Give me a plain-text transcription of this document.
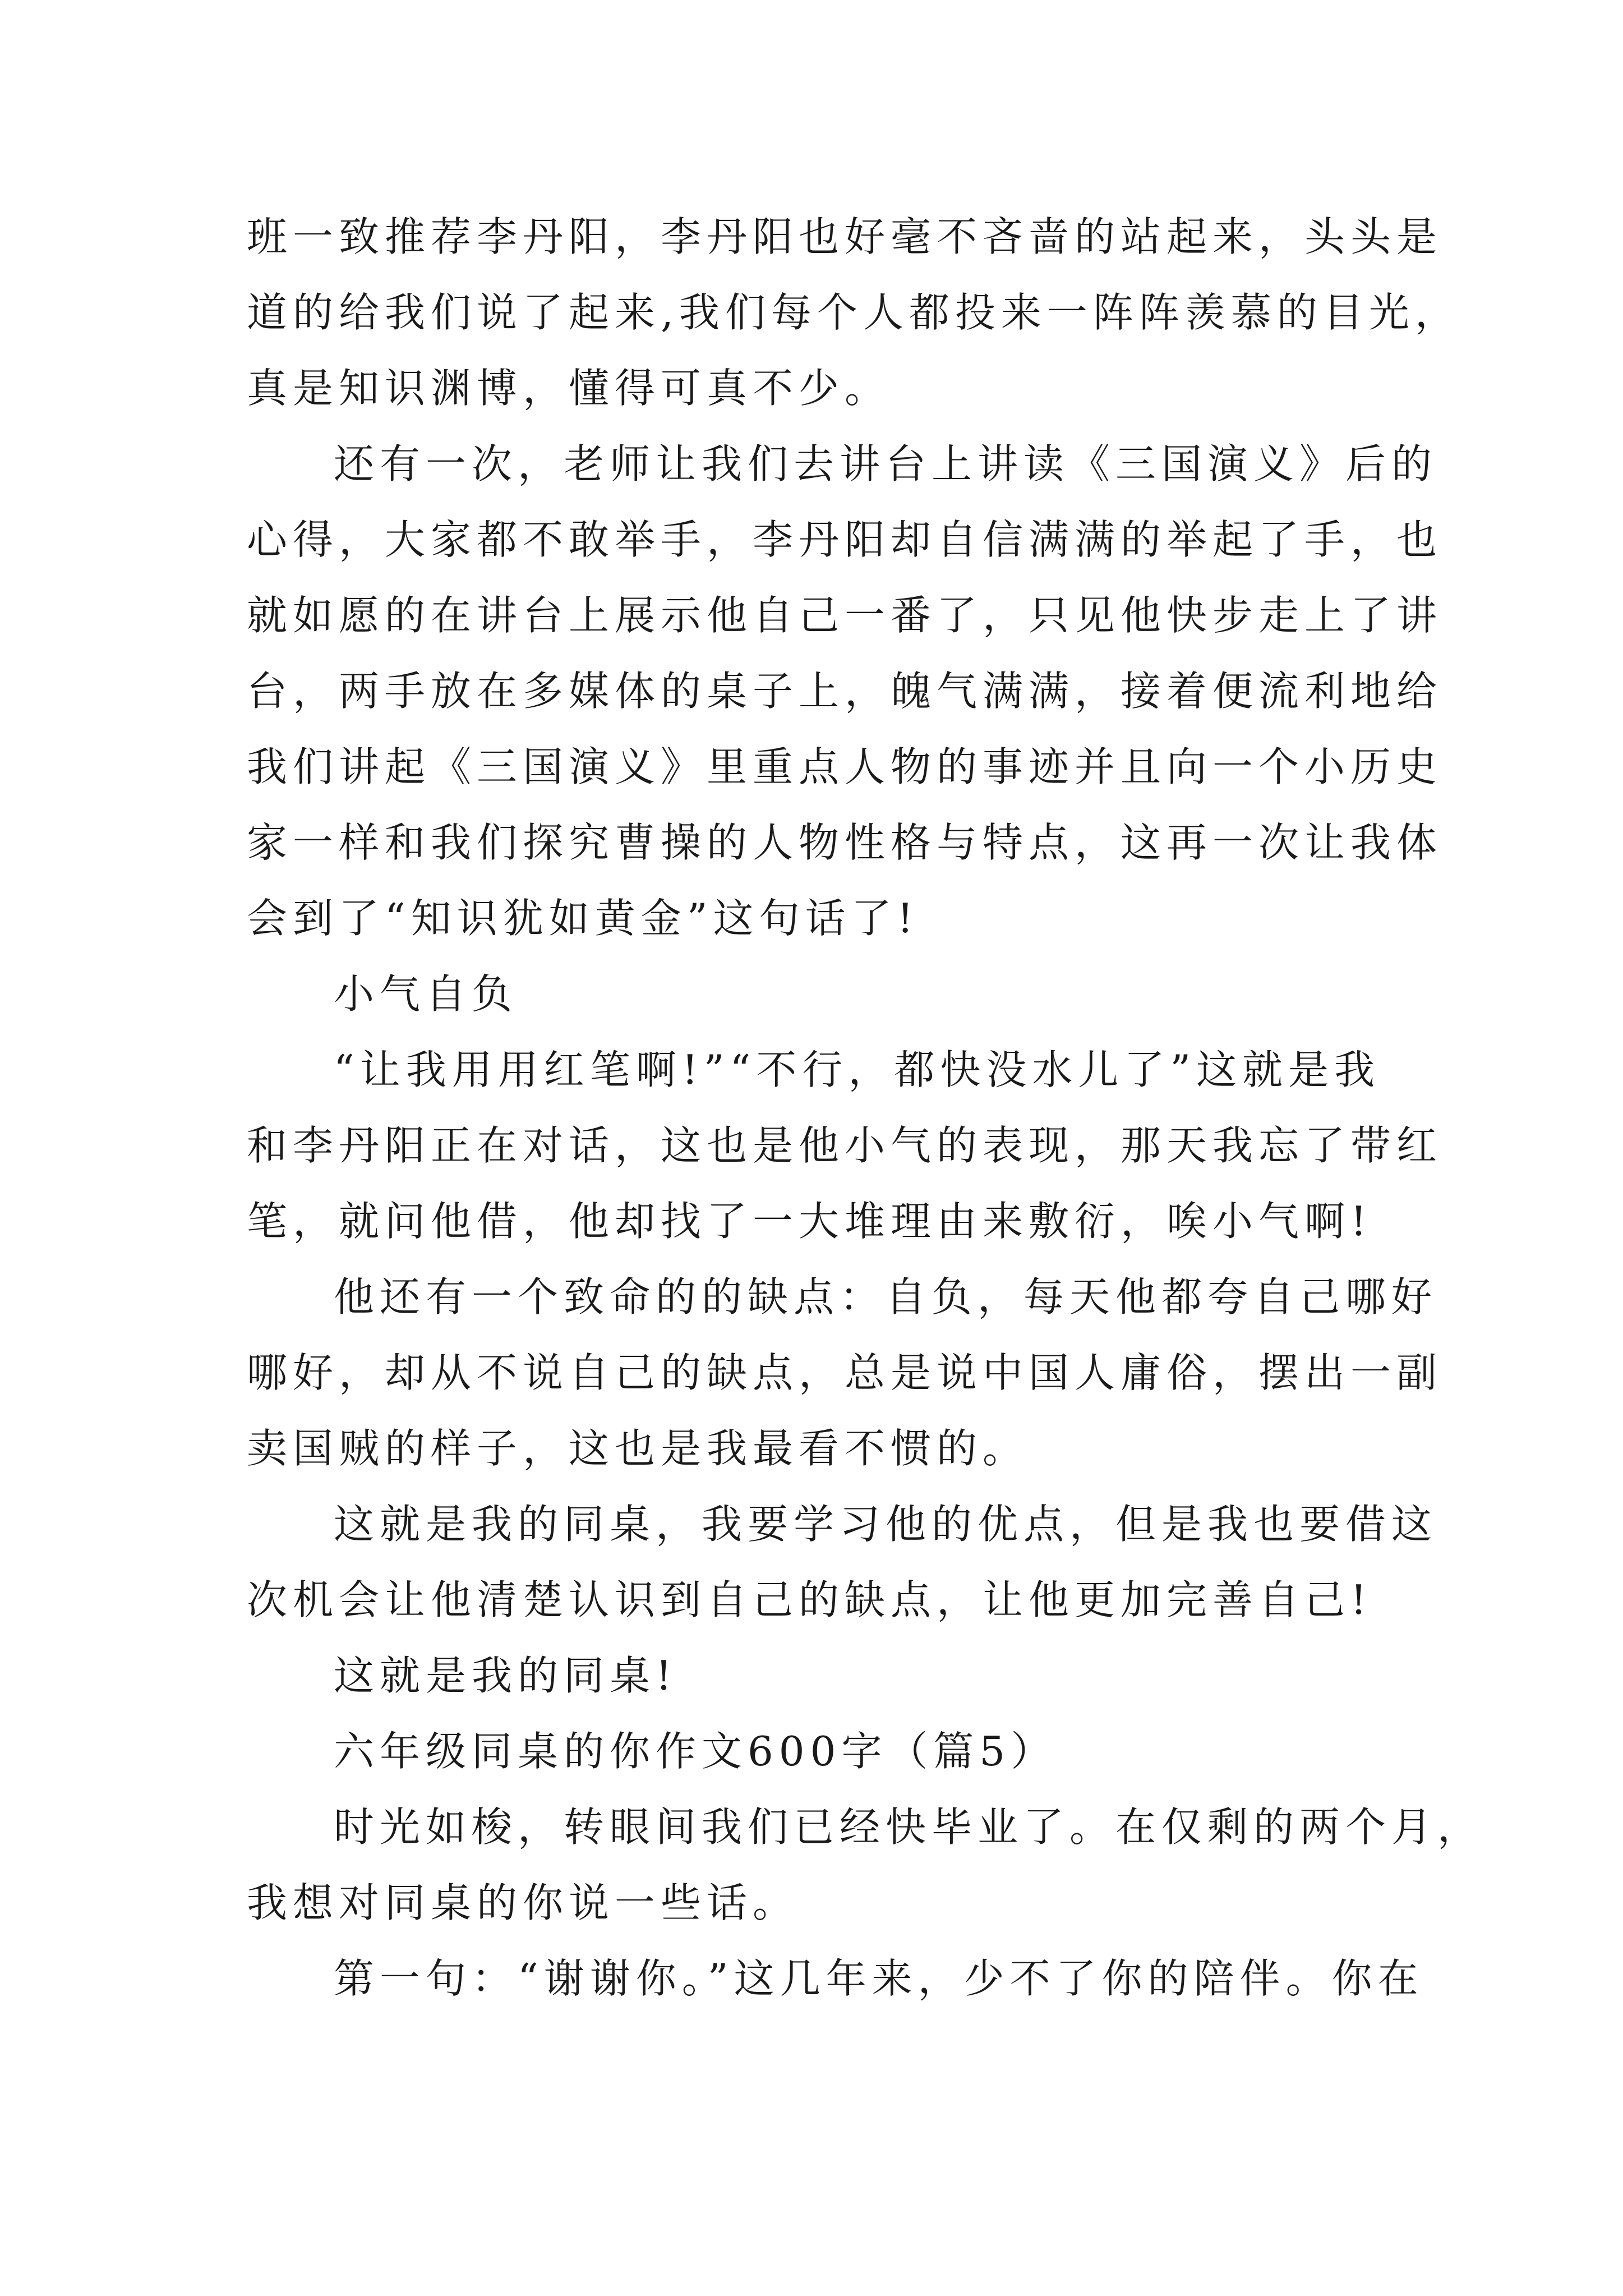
班一致推荐李丹阳，李丹阳也好毫不吝啬的站起来，头头是
道的给我们说了起来,我们每个人都投来一阵阵羡慕的目光，
真是知识渊博，懂得可真不少。
还有一次，老师让我们去讲台上讲读《三国演义》后的
心得，大家都不敢举手，李丹阳却自信满满的举起了手，也
就如愿的在讲台上展示他自己一番了，只见他快步走上了讲
台，两手放在多媒体的桌子上，魄气满满，接着便流利地给
我们讲起《三国演义》里重点人物的事迹并且向一个小历史
家一样和我们探究曹操的人物性格与特点，这再一次让我体
会到了“知识犹如黄金”这句话了!
小气自负
“让我用用红笔啊!”“不行，都快没水儿了”这就是我
和李丹阳正在对话，这也是他小气的表现，那天我忘了带红
笔，就问他借，他却找了一大堆理由来敷衍，唉小气啊!
他还有一个致命的的缺点：自负，每天他都夸自己哪好
哪好，却从不说自己的缺点，总是说中国人庸俗，摆出一副
卖国贼的样子，这也是我最看不惯的。
这就是我的同桌，我要学习他的优点，但是我也要借这
次机会让他清楚认识到自己的缺点，让他更加完善自己!
这就是我的同桌!
六年级同桌的你作文600字（篇5）
时光如梭，转眼间我们已经快毕业了。在仅剩的两个月，
我想对同桌的你说一些话。
第一句：“谢谢你。”这几年来，少不了你的陪伴。你在
